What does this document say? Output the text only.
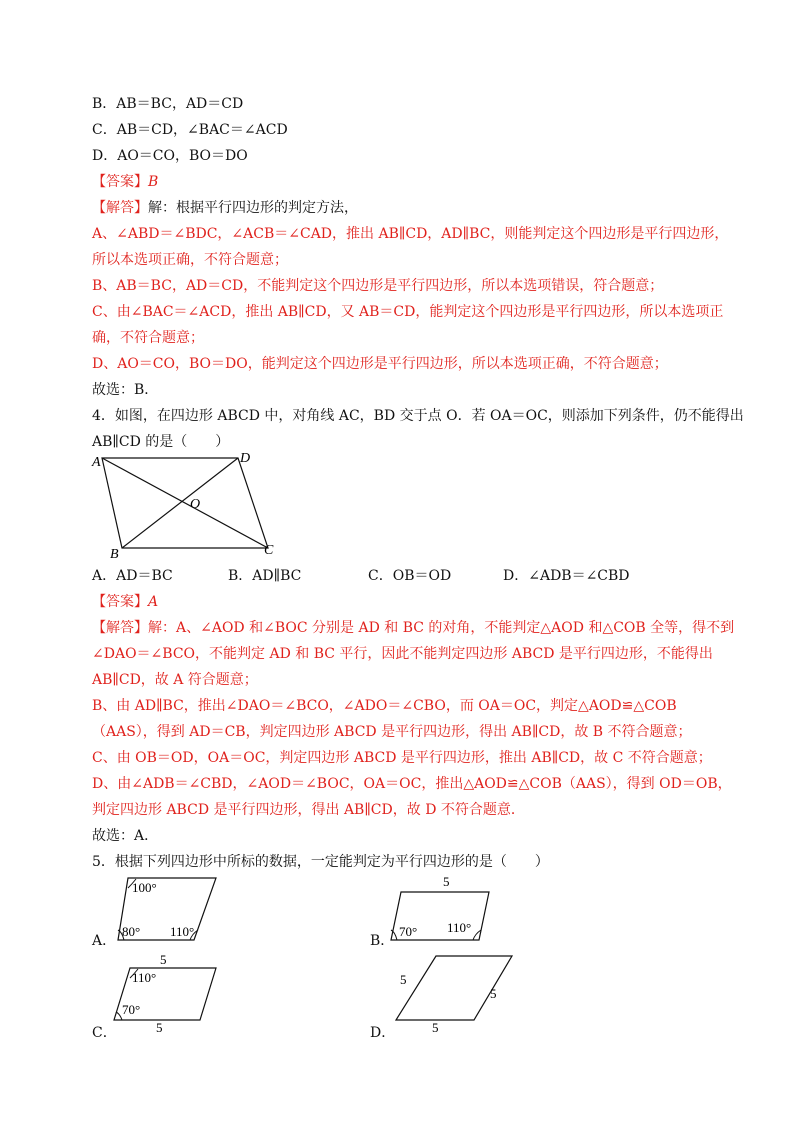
B．AB＝BC，AD＝CD
C．AB＝CD，∠BAC＝∠ACD
D．AO＝CO，BO＝DO
【答案】B
【解答】解：根据平行四边形的判定方法，
A、∠ABD＝∠BDC，∠ACB＝∠CAD，推出 AB∥CD，AD∥BC，则能判定这个四边形是平行四边形，
所以本选项正确，不符合题意；
B、AB＝BC，AD＝CD，不能判定这个四边形是平行四边形，所以本选项错误，符合题意；
C、由∠BAC＝∠ACD，推出 AB∥CD，又 AB＝CD，能判定这个四边形是平行四边形，所以本选项正
确，不符合题意；
D、AO＝CO，BO＝DO，能判定这个四边形是平行四边形，所以本选项正确，不符合题意；
故选：B．
4．如图，在四边形 ABCD 中，对角线 AC，BD 交于点 O．若 OA＝OC，则添加下列条件，仍不能得出
AB∥CD 的是（　　）
A	D
B	C
O
A．AD＝BC	B．AD∥BC	C．OB＝OD	D．∠ADB＝∠CBD
【答案】A
【解答】解：A、∠AOD 和∠BOC 分别是 AD 和 BC 的对角，不能判定△AOD 和△COB 全等，得不到
∠DAO＝∠BCO，不能判定 AD 和 BC 平行，因此不能判定四边形 ABCD 是平行四边形，不能得出
AB∥CD，故 A 符合题意；
B、由 AD∥BC，推出∠DAO＝∠BCO，∠ADO＝∠CBO，而 OA＝OC，判定△AOD≌△COB
（AAS），得到 AD＝CB，判定四边形 ABCD 是平行四边形，得出 AB∥CD，故 B 不符合题意；
C、由 OB＝OD，OA＝OC，判定四边形 ABCD 是平行四边形，推出 AB∥CD，故 C 不符合题意；
D、由∠ADB＝∠CBD，∠AOD＝∠BOC，OA＝OC，推出△AOD≌△COB（AAS），得到 OD＝OB，
判定四边形 ABCD 是平行四边形，得出 AB∥CD，故 D 不符合题意．
故选：A．
5．根据下列四边形中所标的数据，一定能判定为平行四边形的是（　　）
A．
100°
80° 110°
B．
5
70° 110°
C．
5
110°
70°
5	D．
5
5
5
